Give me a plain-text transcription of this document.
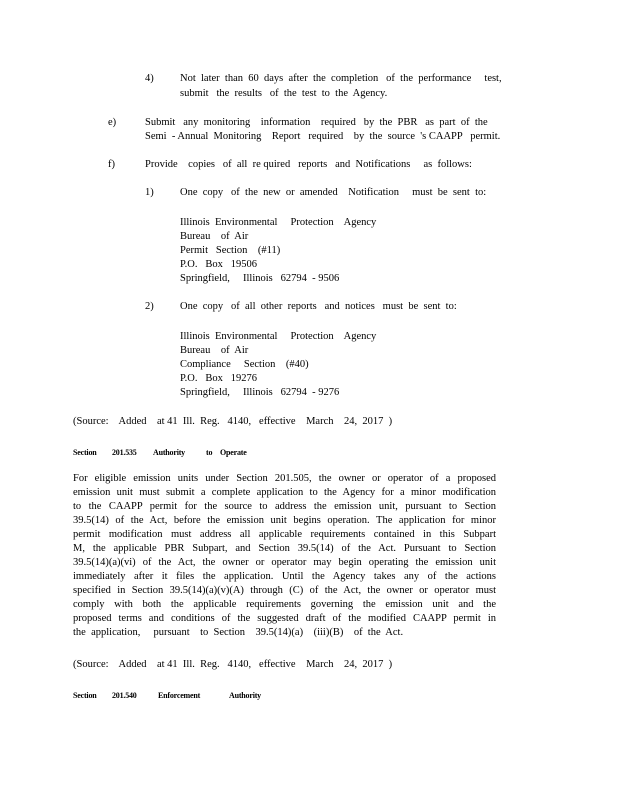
4)	Not  later  than  60  days  after  the  completion   of  the  performance     test,
submit   the  results   of  the  test  to  the  Agency.
e)	Submit   any  monitoring    information    required   by  the  PBR   as  part  of  the
Semi  - Annual  Monitoring    Report   required    by  the  source  's CAAPP   permit.
f)	Provide    copies   of  all  re quired   reports   and  Notifications     as  follows:
1)	One  copy   of  the  new  or  amended    Notification     must  be  sent  to:
Illinois  Environmental     Protection    Agency
Bureau    of  Air
Permit   Section    (#11)
P.O.   Box   19506
Springfield,     Illinois   62794  - 9506
2)	One  copy   of  all  other  reports   and  notices   must  be  sent  to:
Illinois  Environmental     Protection    Agency
Bureau    of  Air
Compliance     Section    (#40)
P.O.   Box   19276
Springfield,     Illinois   62794  - 9276
(Source:    Added    at 41  Ill.  Reg.   4140,   effective    March    24,  2017  )
Section 201.535 Authority	to Operate
For eligible emission units under Section 201.505, the owner or operator of a proposed
emission unit must submit a complete application to the Agency for a minor modification
to the CAAPP permit for the source to address the emission unit, pursuant to Section
39.5(14) of the Act, before the emission unit begins operation. The application for minor
permit modification must address all applicable requirements contained in this Subpart
M, the applicable PBR Subpart, and Section 39.5(14) of the Act. Pursuant to Section
39.5(14)(a)(vi) of the Act, the owner or operator may begin operating the emission unit
immediately after it files the application. Until the Agency takes any of the actions
specified in Section 39.5(14)(a)(v)(A) through (C) of the Act, the owner or operator must
comply with both the applicable requirements governing the emission unit and the
proposed terms and conditions of the suggested draft of the modified CAAPP permit in
the  application,     pursuant    to  Section    39.5(14)(a)    (iii)(B)    of  the  Act.
(Source:    Added    at 41  Ill.  Reg.   4140,   effective    March    24,  2017  )
Section 201.540	Enforcement	Authority
